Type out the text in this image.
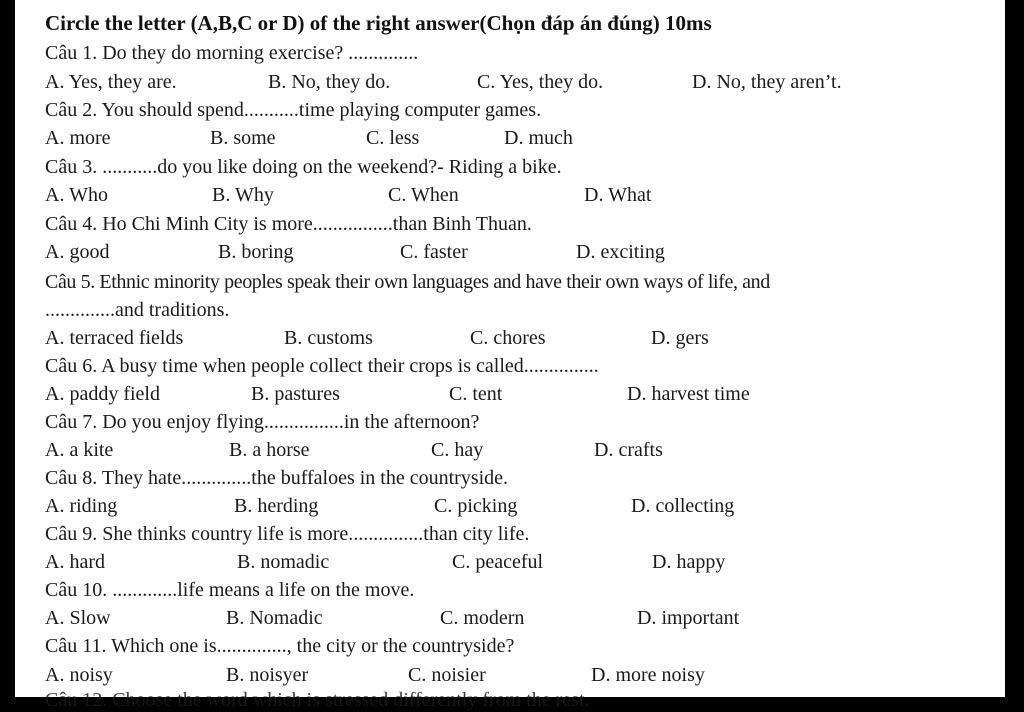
Circle the letter (A,B,C or D) of the right answer(Chọn đáp án đúng) 10ms
Câu 1. Do they do morning exercise? ..............
A. Yes, they are.	B. No, they do.	C. Yes, they do.	D. No, they aren’t.
Câu 2. You should spend...........time playing computer games.
A. more	B. some	C. less	D. much
Câu 3. ...........do you like doing on the weekend?- Riding a bike.
A. Who	B. Why	C. When	D. What
Câu 4. Ho Chi Minh City is more................than Binh Thuan.
A. good	B. boring	C. faster	D. exciting
Câu 5. Ethnic minority peoples speak their own languages and have their own ways of life, and
..............and traditions.
A. terraced fields	B. customs	C. chores	D. gers
Câu 6. A busy time when people collect their crops is called...............
A. paddy field	B. pastures	C. tent	D. harvest time
Câu 7. Do you enjoy flying................in the afternoon?
A. a kite	B. a horse	C. hay	D. crafts
Câu 8. They hate..............the buffaloes in the countryside.
A. riding	B. herding	C. picking	D. collecting
Câu 9. She thinks country life is more...............than city life.
A. hard	B. nomadic	C. peaceful	D. happy
Câu 10. .............life means a life on the move.
A. Slow	B. Nomadic	C. modern	D. important
Câu 11. Which one is.............., the city or the countryside?
A. noisy	B. noisyer	C. noisier	D. more noisy
Câu 12. Choose the word which is stressed differently from the rest.
